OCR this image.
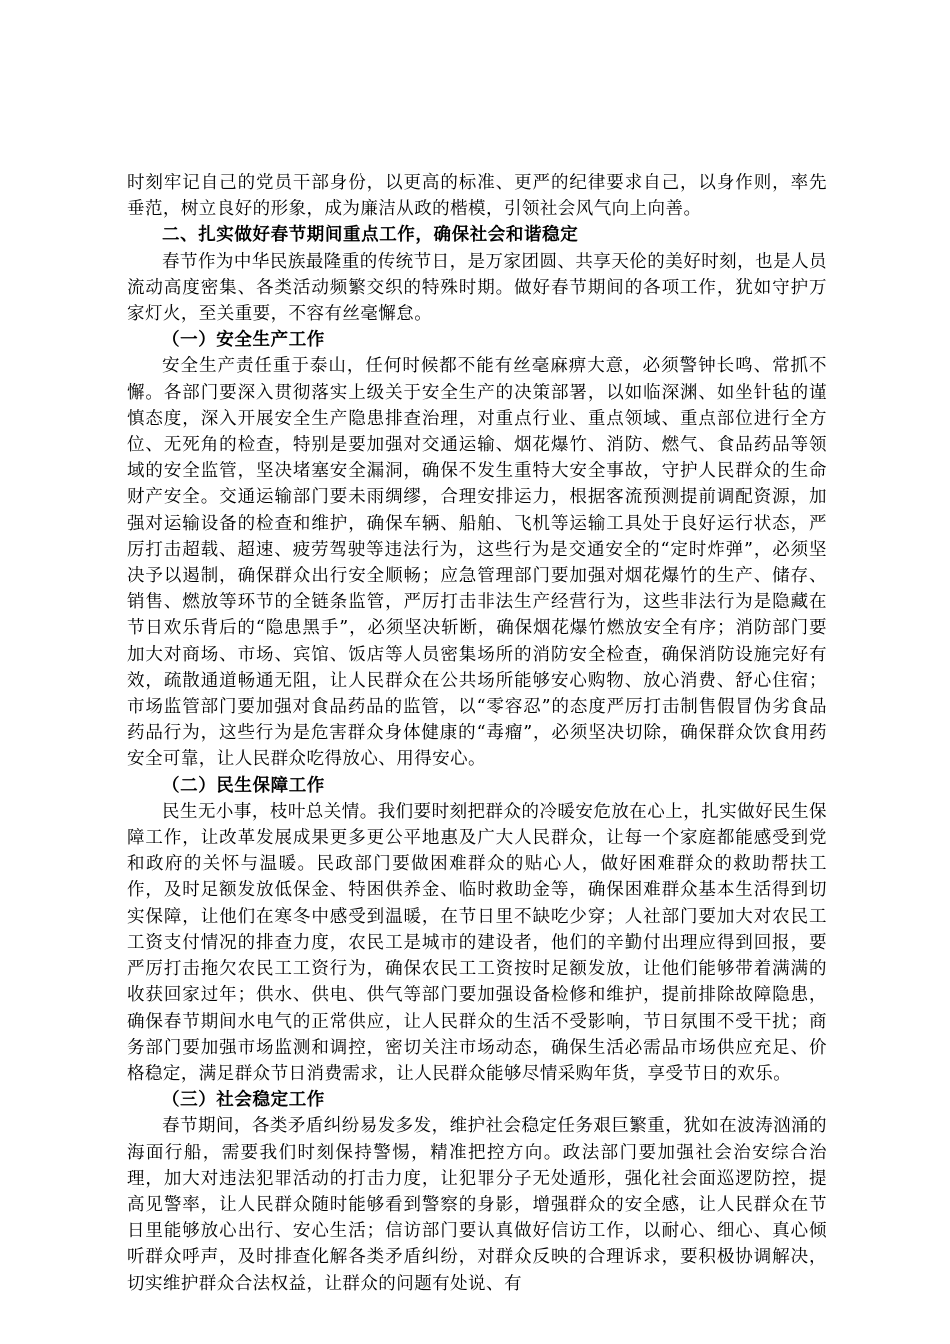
时刻牢记自己的党员干部身份，以更高的标准、更严的纪律要求自己，以身作则，率先垂范，树立良好的形象，成为廉洁从政的楷模，引领社会风气向上向善。

二、扎实做好春节期间重点工作，确保社会和谐稳定

春节作为中华民族最隆重的传统节日，是万家团圆、共享天伦的美好时刻，也是人员流动高度密集、各类活动频繁交织的特殊时期。做好春节期间的各项工作，犹如守护万家灯火，至关重要，不容有丝毫懈怠。

（一）安全生产工作

安全生产责任重于泰山，任何时候都不能有丝毫麻痹大意，必须警钟长鸣、常抓不懈。各部门要深入贯彻落实上级关于安全生产的决策部署，以如临深渊、如坐针毡的谨慎态度，深入开展安全生产隐患排查治理，对重点行业、重点领域、重点部位进行全方位、无死角的检查，特别是要加强对交通运输、烟花爆竹、消防、燃气、食品药品等领域的安全监管，坚决堵塞安全漏洞，确保不发生重特大安全事故，守护人民群众的生命财产安全。交通运输部门要未雨绸缪，合理安排运力，根据客流预测提前调配资源，加强对运输设备的检查和维护，确保车辆、船舶、飞机等运输工具处于良好运行状态，严厉打击超载、超速、疲劳驾驶等违法行为，这些行为是交通安全的“定时炸弹”，必须坚决予以遏制，确保群众出行安全顺畅；应急管理部门要加强对烟花爆竹的生产、储存、销售、燃放等环节的全链条监管，严厉打击非法生产经营行为，这些非法行为是隐藏在节日欢乐背后的“隐患黑手”，必须坚决斩断，确保烟花爆竹燃放安全有序；消防部门要加大对商场、市场、宾馆、饭店等人员密集场所的消防安全检查，确保消防设施完好有效，疏散通道畅通无阻，让人民群众在公共场所能够安心购物、放心消费、舒心住宿；市场监管部门要加强对食品药品的监管，以“零容忍”的态度严厉打击制售假冒伪劣食品药品行为，这些行为是危害群众身体健康的“毒瘤”，必须坚决切除，确保群众饮食用药安全可靠，让人民群众吃得放心、用得安心。

（二）民生保障工作

民生无小事，枝叶总关情。我们要时刻把群众的冷暖安危放在心上，扎实做好民生保障工作，让改革发展成果更多更公平地惠及广大人民群众，让每一个家庭都能感受到党和政府的关怀与温暖。民政部门要做困难群众的贴心人，做好困难群众的救助帮扶工作，及时足额发放低保金、特困供养金、临时救助金等，确保困难群众基本生活得到切实保障，让他们在寒冬中感受到温暖，在节日里不缺吃少穿；人社部门要加大对农民工工资支付情况的排查力度，农民工是城市的建设者，他们的辛勤付出理应得到回报，要严厉打击拖欠农民工工资行为，确保农民工工资按时足额发放，让他们能够带着满满的收获回家过年；供水、供电、供气等部门要加强设备检修和维护，提前排除故障隐患，确保春节期间水电气的正常供应，让人民群众的生活不受影响，节日氛围不受干扰；商务部门要加强市场监测和调控，密切关注市场动态，确保生活必需品市场供应充足、价格稳定，满足群众节日消费需求，让人民群众能够尽情采购年货，享受节日的欢乐。

（三）社会稳定工作

春节期间，各类矛盾纠纷易发多发，维护社会稳定任务艰巨繁重，犹如在波涛汹涌的海面行船，需要我们时刻保持警惕，精准把控方向。政法部门要加强社会治安综合治理，加大对违法犯罪活动的打击力度，让犯罪分子无处遁形，强化社会面巡逻防控，提高见警率，让人民群众随时能够看到警察的身影，增强群众的安全感，让人民群众在节日里能够放心出行、安心生活；信访部门要认真做好信访工作，以耐心、细心、真心倾听群众呼声，及时排查化解各类矛盾纠纷，对群众反映的合理诉求，要积极协调解决，切实维护群众合法权益，让群众的问题有处说、有
